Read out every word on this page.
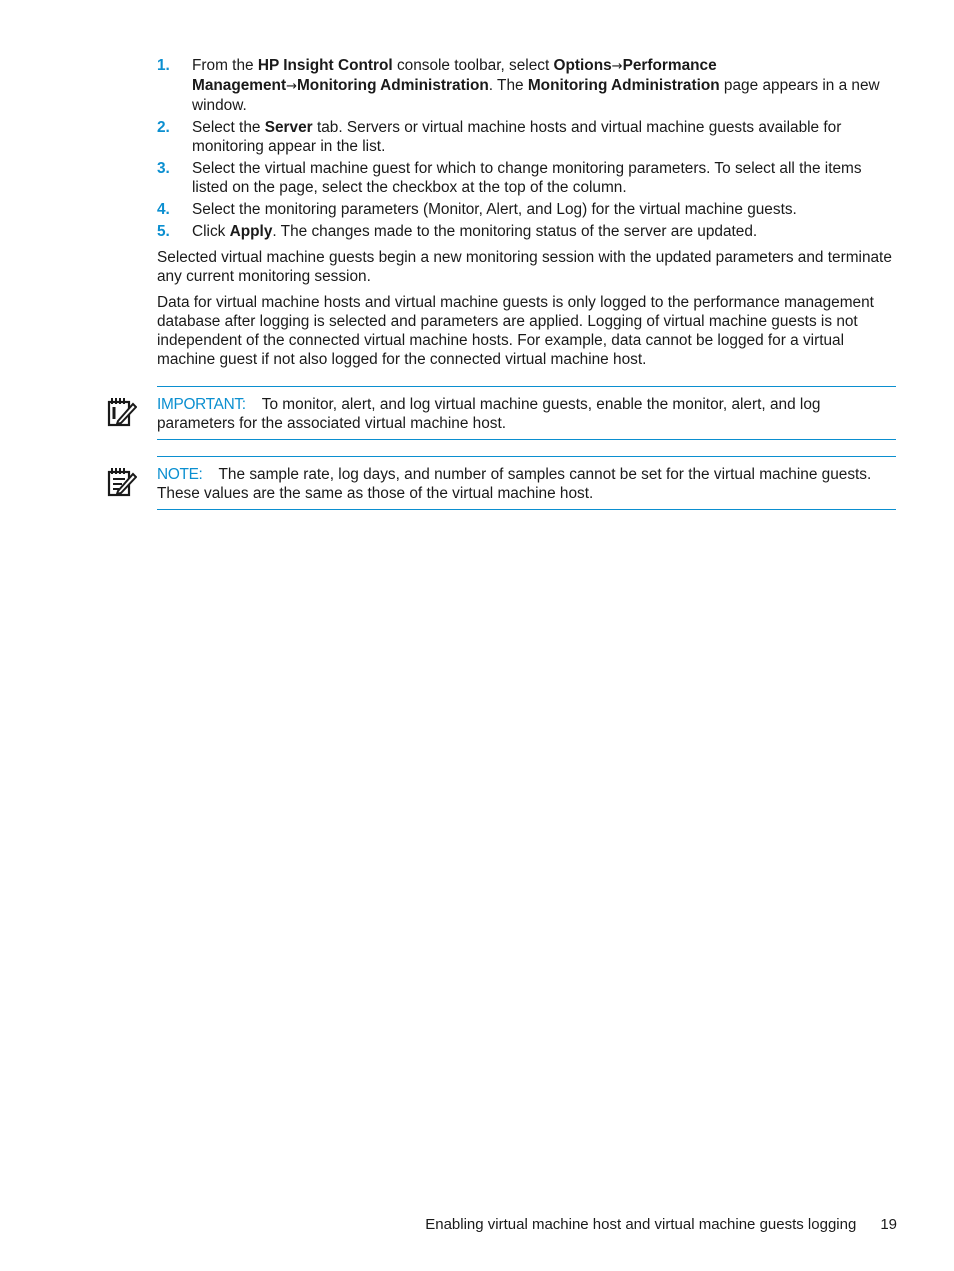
1.	From the HP Insight Control console toolbar, select Options→Performance Management→Monitoring Administration. The Monitoring Administration page appears in a new window.
2.	Select the Server tab. Servers or virtual machine hosts and virtual machine guests available for monitoring appear in the list.
3.	Select the virtual machine guest for which to change monitoring parameters. To select all the items listed on the page, select the checkbox at the top of the column.
4.	Select the monitoring parameters (Monitor, Alert, and Log) for the virtual machine guests.
5.	Click Apply. The changes made to the monitoring status of the server are updated.

Selected virtual machine guests begin a new monitoring session with the updated parameters and terminate any current monitoring session.

Data for virtual machine hosts and virtual machine guests is only logged to the performance management database after logging is selected and parameters are applied. Logging of virtual machine guests is not independent of the connected virtual machine hosts. For example, data cannot be logged for a virtual machine guest if not also logged for the connected virtual machine host.

IMPORTANT: To monitor, alert, and log virtual machine guests, enable the monitor, alert, and log parameters for the associated virtual machine host.
NOTE: The sample rate, log days, and number of samples cannot be set for the virtual machine guests. These values are the same as those of the virtual machine host.
Enabling virtual machine host and virtual machine guests logging 19
